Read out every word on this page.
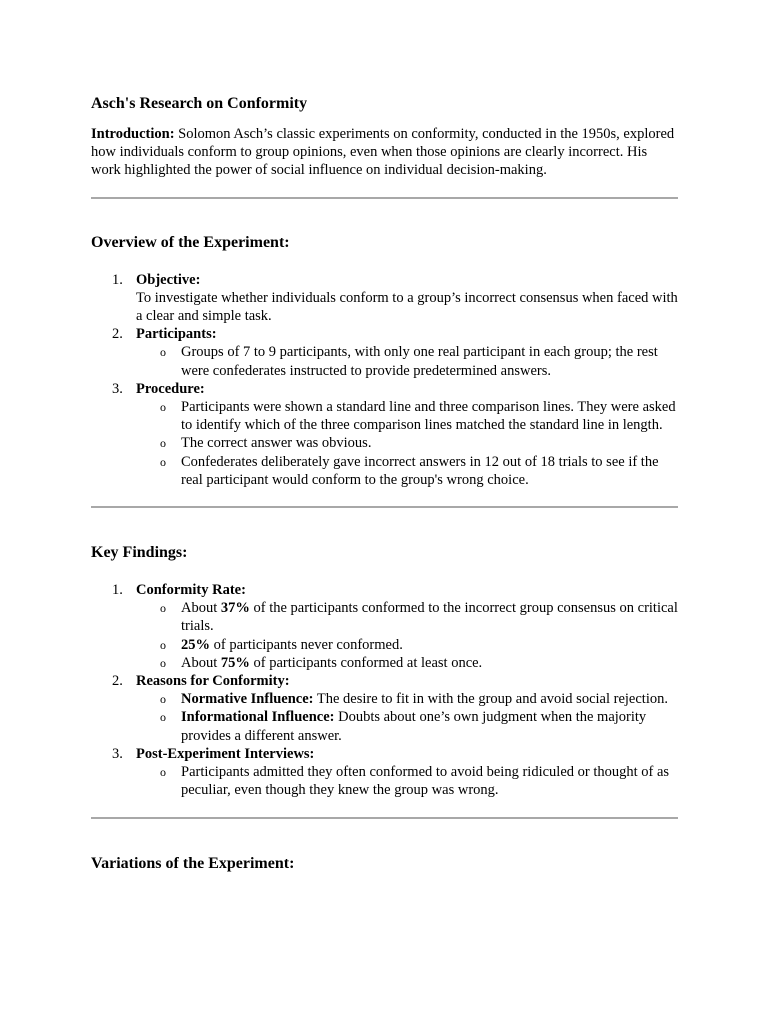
Asch's Research on Conformity

Introduction: Solomon Asch’s classic experiments on conformity, conducted in the 1950s, explored how individuals conform to group opinions, even when those opinions are clearly incorrect. His work highlighted the power of social influence on individual decision-making.

Overview of the Experiment:
1. Objective:
To investigate whether individuals conform to a group’s incorrect consensus when faced with a clear and simple task.
2. Participants:
o Groups of 7 to 9 participants, with only one real participant in each group; the rest were confederates instructed to provide predetermined answers.
3. Procedure:
o Participants were shown a standard line and three comparison lines. They were asked to identify which of the three comparison lines matched the standard line in length.
o The correct answer was obvious.
o Confederates deliberately gave incorrect answers in 12 out of 18 trials to see if the real participant would conform to the group's wrong choice.
Key Findings:
1. Conformity Rate:
o About 37% of the participants conformed to the incorrect group consensus on critical trials.
o 25% of participants never conformed.
o About 75% of participants conformed at least once.
2. Reasons for Conformity:
o Normative Influence: The desire to fit in with the group and avoid social rejection.
o Informational Influence: Doubts about one’s own judgment when the majority provides a different answer.
3. Post-Experiment Interviews:
o Participants admitted they often conformed to avoid being ridiculed or thought of as peculiar, even though they knew the group was wrong.
Variations of the Experiment:
